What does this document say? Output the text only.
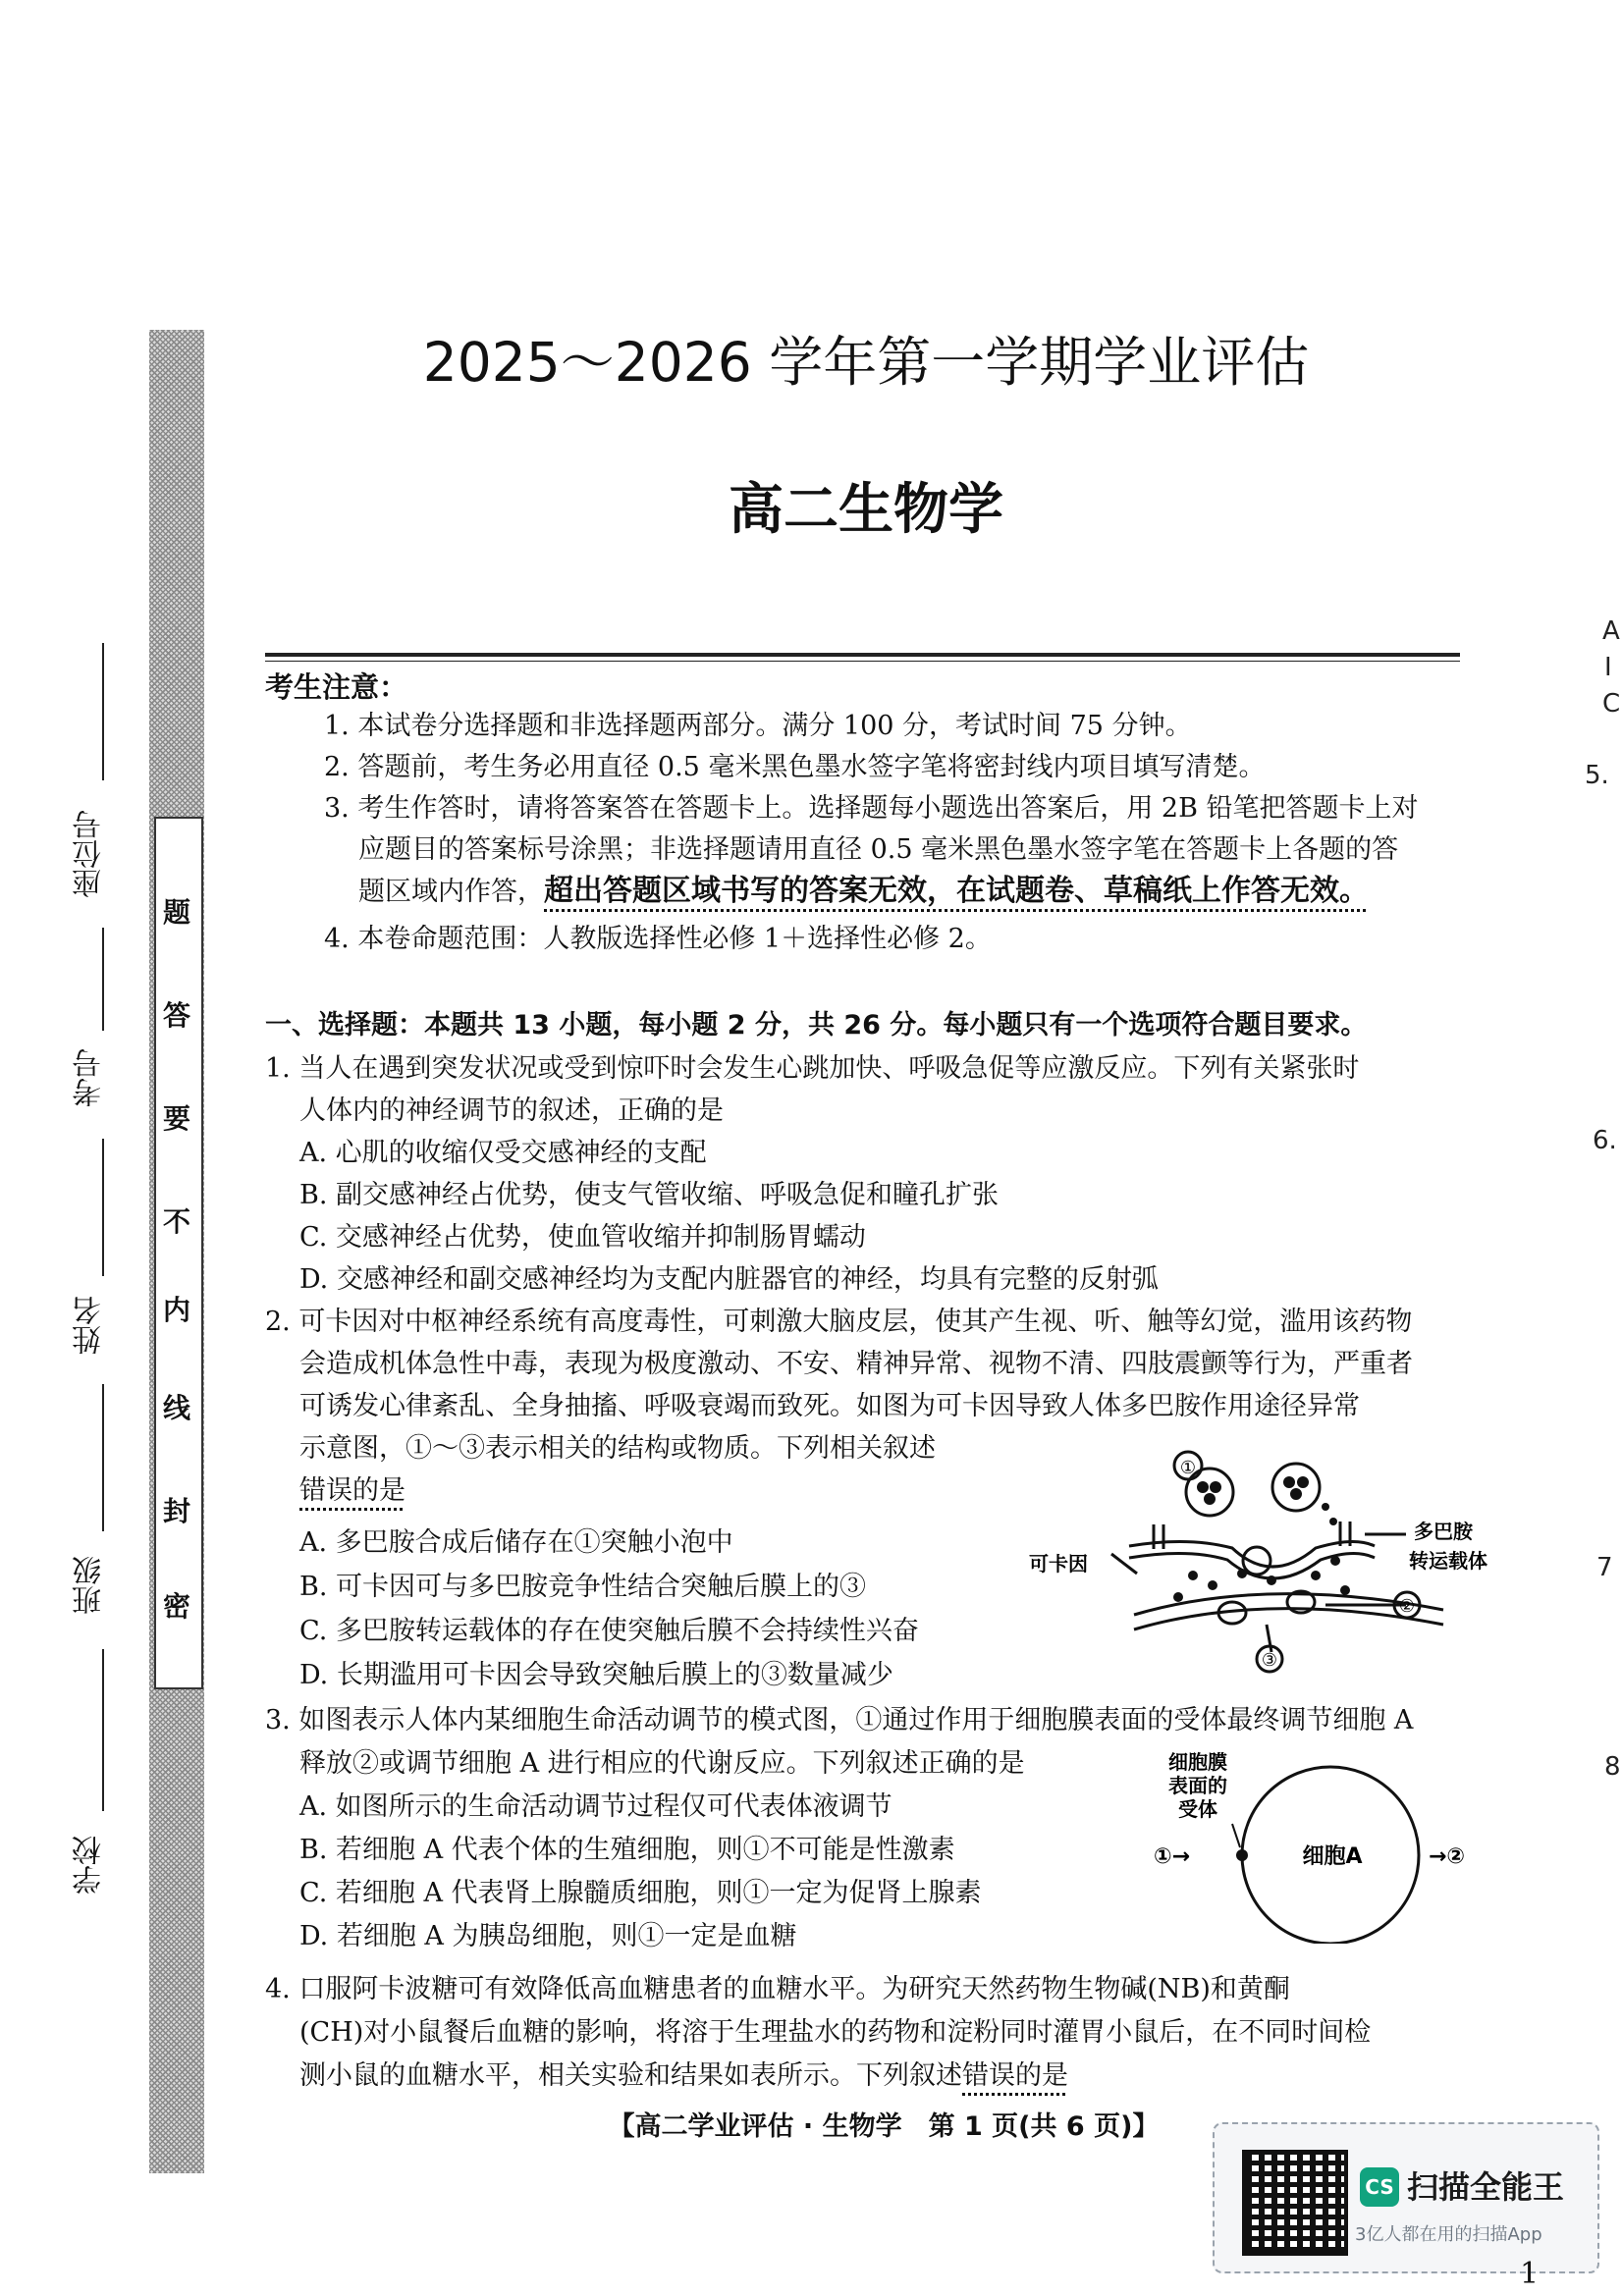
题
答
要
不
内
线
封
密
座位号
考号
姓名
班级
学校
2025～2026 学年第一学期学业评估
高二生物学
考生注意：
1. 本试卷分选择题和非选择题两部分。满分 100 分，考试时间 75 分钟。
2. 答题前，考生务必用直径 0.5 毫米黑色墨水签字笔将密封线内项目填写清楚。
3. 考生作答时，请将答案答在答题卡上。选择题每小题选出答案后，用 2B 铅笔把答题卡上对
应题目的答案标号涂黑；非选择题请用直径 0.5 毫米黑色墨水签字笔在答题卡上各题的答
题区域内作答，超出答题区域书写的答案无效，在试题卷、草稿纸上作答无效。
4. 本卷命题范围：人教版选择性必修 1＋选择性必修 2。
一、选择题：本题共 13 小题，每小题 2 分，共 26 分。每小题只有一个选项符合题目要求。
1. 当人在遇到突发状况或受到惊吓时会发生心跳加快、呼吸急促等应激反应。下列有关紧张时
人体内的神经调节的叙述，正确的是
A. 心肌的收缩仅受交感神经的支配
B. 副交感神经占优势，使支气管收缩、呼吸急促和瞳孔扩张
C. 交感神经占优势，使血管收缩并抑制肠胃蠕动
D. 交感神经和副交感神经均为支配内脏器官的神经，均具有完整的反射弧
2. 可卡因对中枢神经系统有高度毒性，可刺激大脑皮层，使其产生视、听、触等幻觉，滥用该药物
会造成机体急性中毒，表现为极度激动、不安、精神异常、视物不清、四肢震颤等行为，严重者
可诱发心律紊乱、全身抽搐、呼吸衰竭而致死。如图为可卡因导致人体多巴胺作用途径异常
示意图，①～③表示相关的结构或物质。下列相关叙述
错误的是
A. 多巴胺合成后储存在①突触小泡中
B. 可卡因可与多巴胺竞争性结合突触后膜上的③
C. 多巴胺转运载体的存在使突触后膜不会持续性兴奋
D. 长期滥用可卡因会导致突触后膜上的③数量减少
①
②
③
可卡因
多巴胺
转运载体
3. 如图表示人体内某细胞生命活动调节的模式图，①通过作用于细胞膜表面的受体最终调节细胞 A
释放②或调节细胞 A 进行相应的代谢反应。下列叙述正确的是
A. 如图所示的生命活动调节过程仅可代表体液调节
B. 若细胞 A 代表个体的生殖细胞，则①不可能是性激素
C. 若细胞 A 代表肾上腺髓质细胞，则①一定为促肾上腺素
D. 若细胞 A 为胰岛细胞，则①一定是血糖
细胞膜
表面的
受体
①→	细胞A	→②
4. 口服阿卡波糖可有效降低高血糖患者的血糖水平。为研究天然药物生物碱(NB)和黄酮
(CH)对小鼠餐后血糖的影响，将溶于生理盐水的药物和淀粉同时灌胃小鼠后，在不同时间检
测小鼠的血糖水平，相关实验和结果如表所示。下列叙述错误的是
【高二学业评估 · 生物学　第 1 页(共 6 页)】
CS 扫描全能王
3亿人都在用的扫描App
1
A
I
C
5.
6.
7
8
